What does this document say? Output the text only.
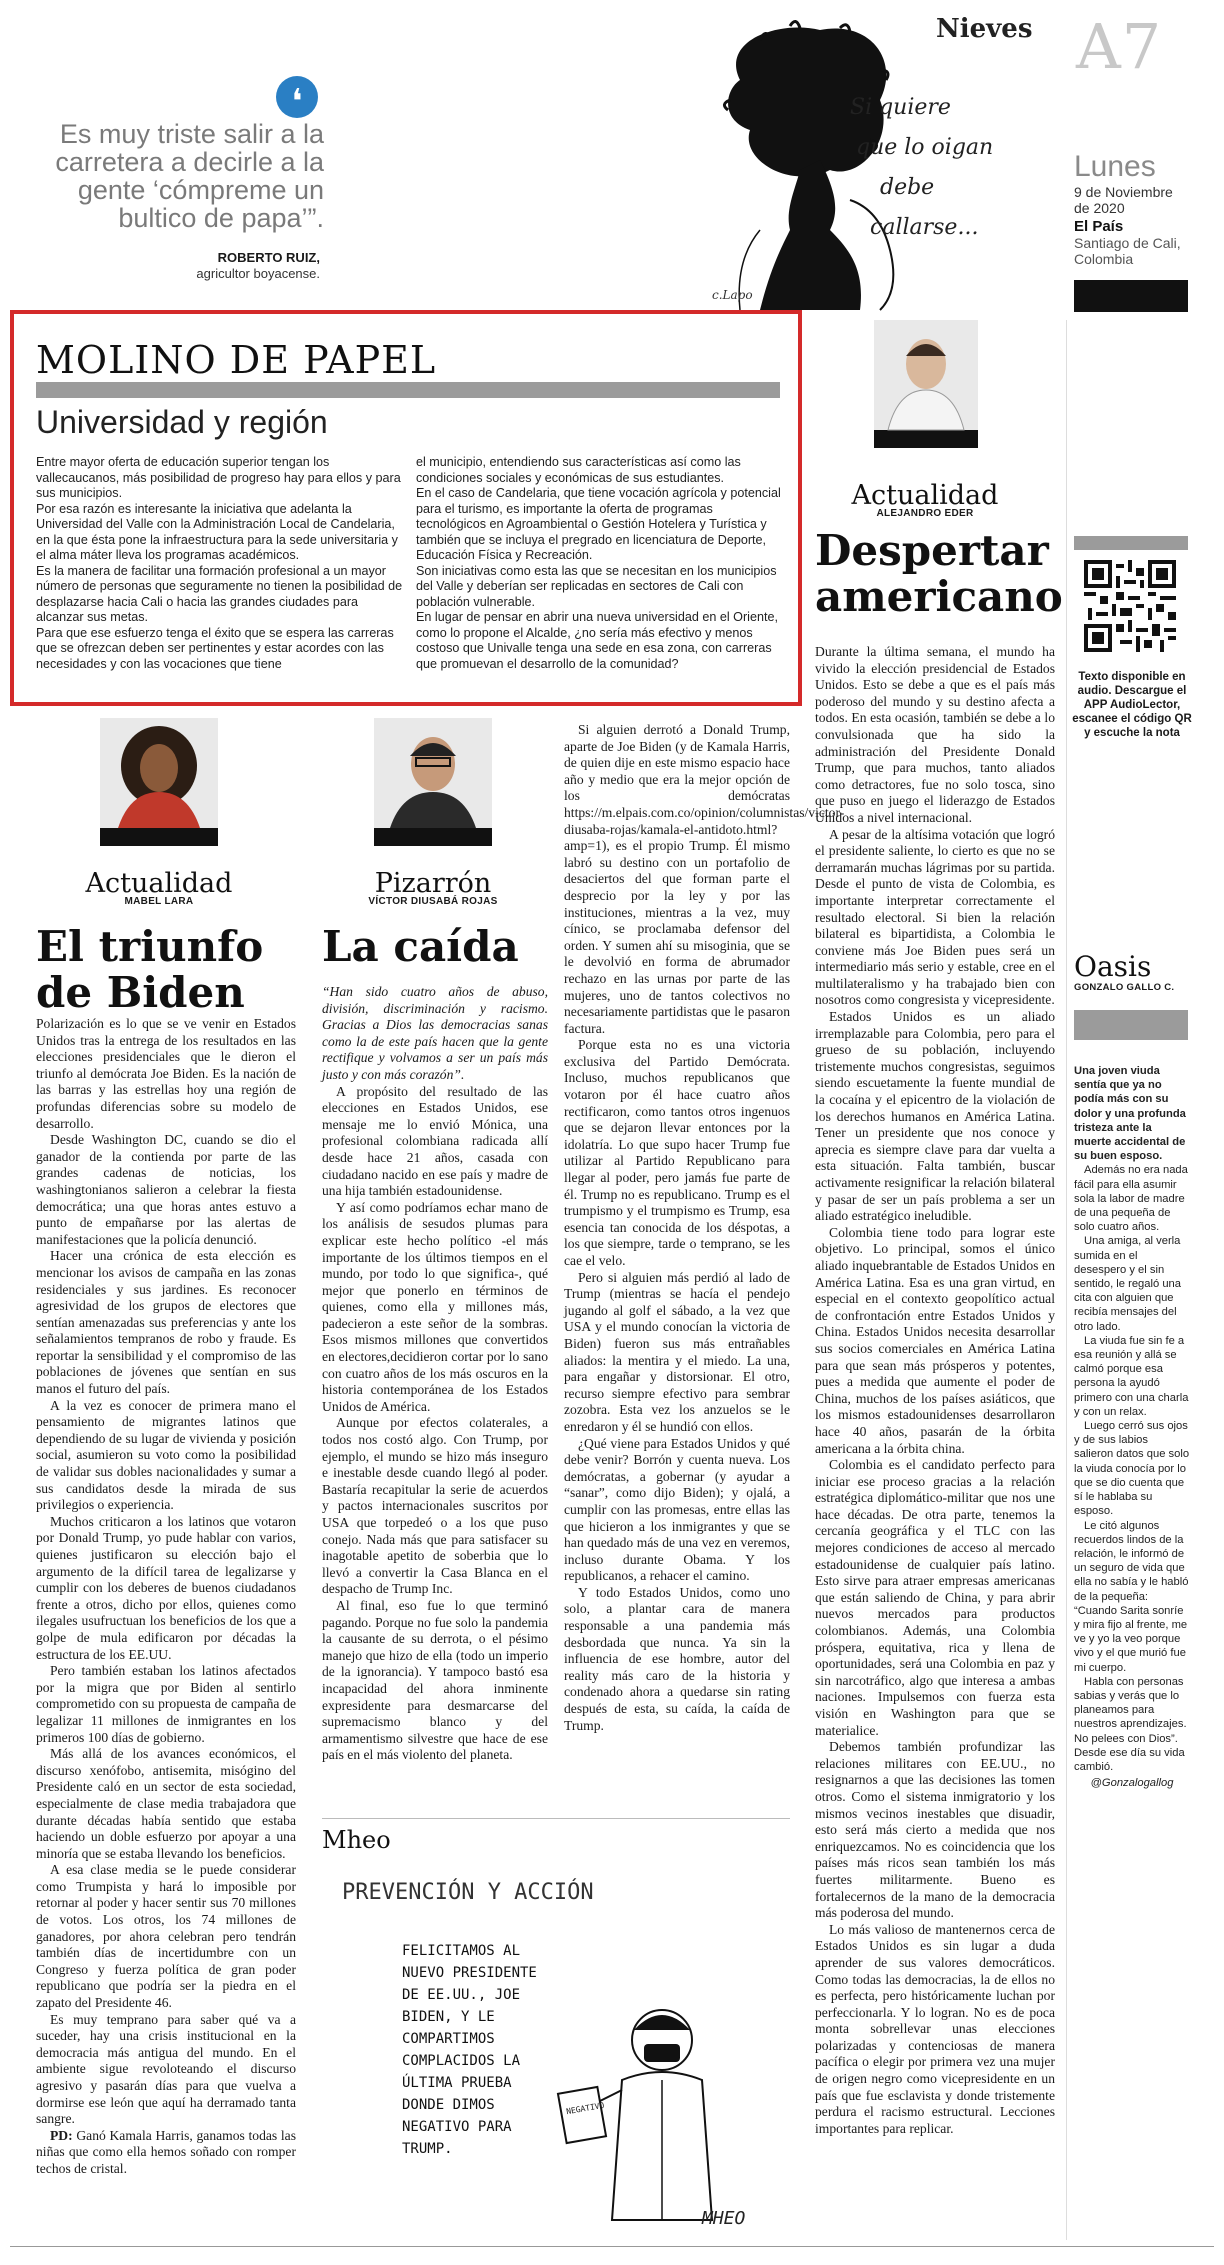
Nieves A7
Lunes
9 de Noviembre de 2020
El País
Santiago de Cali, Colombia
❛
Es muy triste salir a la carretera a decirle a la gente ‘cómpreme un bultico de papa’”.
ROBERTO RUIZ,
agricultor boyacense.
Si quiere
que lo oigan
debe
callarse...
c.Lapo
MOLINO DE PAPEL
Universidad y región

Entre mayor oferta de educación superior tengan los vallecaucanos, más posibilidad de progreso hay para ellos y para sus municipios.

Por esa razón es interesante la iniciativa que adelanta la Universidad del Valle con la Administración Local de Candelaria, en la que ésta pone la infraestructura para la sede universitaria y el alma máter lleva los programas académicos.

Es la manera de facilitar una formación profesional a un mayor número de personas que seguramente no tienen la posibilidad de desplazarse hacia Cali o hacia las grandes ciudades para alcanzar sus metas.

Para que ese esfuerzo tenga el éxito que se espera las carreras que se ofrezcan deben ser pertinentes y estar acordes con las necesidades y con las vocaciones que tiene

el municipio, entendiendo sus características así como las condiciones sociales y económicas de sus estudiantes.

En el caso de Candelaria, que tiene vocación agrícola y potencial para el turismo, es importante la oferta de programas tecnológicos en Agroambiental o Gestión Hotelera y Turística y también que se incluya el pregrado en licenciatura de Deporte, Educación Física y Recreación.

Son iniciativas como esta las que se necesitan en los municipios del Valle y deberían ser replicadas en sectores de Cali con población vulnerable.

En lugar de pensar en abrir una nueva universidad en el Oriente, como lo propone el Alcalde, ¿no sería más efectivo y menos costoso que Univalle tenga una sede en esa zona, con carreras que promuevan el desarrollo de la comunidad?

Actualidad
ALEJANDRO EDER
Despertar
americano

Durante la última semana, el mundo ha vivido la elección presidencial de Estados Unidos. Esto se debe a que es el país más poderoso del mundo y su destino afecta a todos. En esta ocasión, también se debe a lo convulsionada que ha sido la administración del Presidente Donald Trump, que para muchos, tanto aliados como detractores, fue no solo tosca, sino que puso en juego el liderazgo de Estados Unidos a nivel internacional.

A pesar de la altísima votación que logró el presidente saliente, lo cierto es que no se derramarán muchas lágrimas por su partida. Desde el punto de vista de Colombia, es importante interpretar correctamente el resultado electoral. Si bien la relación bilateral es bipartidista, a Colombia le conviene más Joe Biden pues será un intermediario más serio y estable, cree en el multilateralismo y ha trabajado bien con nosotros como congresista y vicepresidente.

Estados Unidos es un aliado irremplazable para Colombia, pero para el grueso de su población, incluyendo tristemente muchos congresistas, seguimos siendo escuetamente la fuente mundial de la cocaína y el epicentro de la violación de los derechos humanos en América Latina. Tener un presidente que nos conoce y aprecia es siempre clave para dar vuelta a esta situación. Falta también, buscar activamente resignificar la relación bilateral y pasar de ser un país problema a ser un aliado estratégico ineludible.

Colombia tiene todo para lograr este objetivo. Lo principal, somos el único aliado inquebrantable de Estados Unidos en América Latina. Esa es una gran virtud, en especial en el contexto geopolítico actual de confrontación entre Estados Unidos y China. Estados Unidos necesita desarrollar sus socios comerciales en América Latina para que sean más prósperos y potentes, pues a medida que aumente el poder de China, muchos de los países asiáticos, que los mismos estadounidenses desarrollaron hace 40 años, pasarán de la órbita americana a la órbita china.

Colombia es el candidato perfecto para iniciar ese proceso gracias a la relación estratégica diplomático-militar que nos une hace décadas. De otra parte, tenemos la cercanía geográfica y el TLC con las mejores condiciones de acceso al mercado estadounidense de cualquier país latino. Esto sirve para atraer empresas americanas que están saliendo de China, y para abrir nuevos mercados para productos colombianos. Además, una Colombia próspera, equitativa, rica y llena de oportunidades, será una Colombia en paz y sin narcotráfico, algo que interesa a ambas naciones. Impulsemos con fuerza esta visión en Washington para que se materialice.

Debemos también profundizar las relaciones militares con EE.UU., no resignarnos a que las decisiones las tomen otros. Como el sistema inmigratorio y los mismos vecinos inestables que disuadir, esto será más cierto a medida que nos enriquezcamos. No es coincidencia que los países más ricos sean también los más fuertes militarmente. Bueno es fortalecernos de la mano de la democracia más poderosa del mundo.

Lo más valioso de mantenernos cerca de Estados Unidos es sin lugar a duda aprender de sus valores democráticos. Como todas las democracias, la de ellos no es perfecta, pero históricamente luchan por perfeccionarla. Y lo logran. No es de poca monta sobrellevar unas elecciones polarizadas y contenciosas de manera pacífica o elegir por primera vez una mujer de origen negro como vicepresidente en un país que fue esclavista y donde tristemente perdura el racismo estructural. Lecciones importantes para replicar.

Texto disponible en audio. Descargue el APP AudioLector, escanee el código QR y escuche la nota
Oasis
GONZALO GALLO C.

Una joven viuda sentía que ya no podía más con su dolor y una profunda tristeza ante la muerte accidental de su buen esposo.

Además no era nada fácil para ella asumir sola la labor de madre de una pequeña de solo cuatro años.

Una amiga, al verla sumida en el desespero y el sin sentido, le regaló una cita con alguien que recibía mensajes del otro lado.

La viuda fue sin fe a esa reunión y allá se calmó porque esa persona la ayudó primero con una charla y con un relax.

Luego cerró sus ojos y de sus labios salieron datos que solo la viuda conocía por lo que se dio cuenta que sí le hablaba su esposo.

Le citó algunos recuerdos lindos de la relación, le informó de un seguro de vida que ella no sabía y le habló de la pequeña: “Cuando Sarita sonríe y mira fijo al frente, me ve y yo la veo porque vivo y el que murió fue mi cuerpo.

Habla con personas sabias y verás que lo planeamos para nuestros aprendizajes. No pelees con Dios”. Desde ese día su vida cambió.

@Gonzalogallog

Actualidad
MABEL LARA
El triunfo
de Biden

Polarización es lo que se ve venir en Estados Unidos tras la entrega de los resultados en las elecciones presidenciales que le dieron el triunfo al demócrata Joe Biden. Es la nación de las barras y las estrellas hoy una región de profundas diferencias sobre su modelo de desarrollo.

Desde Washington DC, cuando se dio el ganador de la contienda por parte de las grandes cadenas de noticias, los washingtonianos salieron a celebrar la fiesta democrática; una que horas antes estuvo a punto de empañarse por las alertas de manifestaciones que la policía denunció.

Hacer una crónica de esta elección es mencionar los avisos de campaña en las zonas residenciales y sus jardines. Es reconocer agresividad de los grupos de electores que sentían amenazadas sus preferencias y ante los señalamientos tempranos de robo y fraude. Es reportar la sensibilidad y el compromiso de las poblaciones de jóvenes que sentían en sus manos el futuro del país.

A la vez es conocer de primera mano el pensamiento de migrantes latinos que dependiendo de su lugar de vivienda y posición social, asumieron su voto como la posibilidad de validar sus dobles nacionalidades y sumar a sus candidatos desde la mirada de sus privilegios o experiencia.

Muchos criticaron a los latinos que votaron por Donald Trump, yo pude hablar con varios, quienes justificaron su elección bajo el argumento de la difícil tarea de legalizarse y cumplir con los deberes de buenos ciudadanos frente a otros, dicho por ellos, quienes como ilegales usufructuan los beneficios de los que a golpe de mula edificaron por décadas la estructura de los EE.UU.

Pero también estaban los latinos afectados por la migra que por Biden al sentirlo comprometido con su propuesta de campaña de legalizar 11 millones de inmigrantes en los primeros 100 días de gobierno.

Más allá de los avances económicos, el discurso xenófobo, antisemita, misógino del Presidente caló en un sector de esta sociedad, especialmente de clase media trabajadora que durante décadas había sentido que estaba haciendo un doble esfuerzo por apoyar a una minoría que se estaba llevando los beneficios.

A esa clase media se le puede considerar como Trumpista y hará lo imposible por retornar al poder y hacer sentir sus 70 millones de votos. Los otros, los 74 millones de ganadores, por ahora celebran pero tendrán también días de incertidumbre con un Congreso y fuerza política de gran poder republicano que podría ser la piedra en el zapato del Presidente 46.

Es muy temprano para saber qué va a suceder, hay una crisis institucional en la democracia más antigua del mundo. En el ambiente sigue revoloteando el discurso agresivo y pasarán días para que vuelva a dormirse ese león que aquí ha derramado tanta sangre.

PD: Ganó Kamala Harris, ganamos todas las niñas que como ella hemos soñado con romper techos de cristal.

Pizarrón
VÍCTOR DIUSABÁ ROJAS
La caída

“Han sido cuatro años de abuso, división, discriminación y racismo. Gracias a Dios las democracias sanas como la de este país hacen que la gente rectifique y volvamos a ser un país más justo y con más corazón”.

A propósito del resultado de las elecciones en Estados Unidos, ese mensaje me lo envió Mónica, una profesional colombiana radicada allí desde hace 21 años, casada con ciudadano nacido en ese país y madre de una hija también estadounidense.

Y así como podríamos echar mano de los análisis de sesudos plumas para explicar este hecho político -el más importante de los últimos tiempos en el mundo, por todo lo que significa-, qué mejor que ponerlo en términos de quienes, como ella y millones más, padecieron a este señor de la sombras. Esos mismos millones que convertidos en electores,decidieron cortar por lo sano con cuatro años de los más oscuros en la historia contemporánea de los Estados Unidos de América.

Aunque por efectos colaterales, a todos nos costó algo. Con Trump, por ejemplo, el mundo se hizo más inseguro e inestable desde cuando llegó al poder. Bastaría recapitular la serie de acuerdos y pactos internacionales suscritos por USA que torpedeó o a los que puso conejo. Nada más que para satisfacer su inagotable apetito de soberbia que lo llevó a convertir la Casa Blanca en el despacho de Trump Inc.

Al final, eso fue lo que terminó pagando. Porque no fue solo la pandemia la causante de su derrota, o el pésimo manejo que hizo de ella (todo un imperio de la ignorancia). Y tampoco bastó esa incapacidad del ahora inminente expresidente para desmarcarse del supremacismo blanco y del armamentismo silvestre que hace de ese país en el más violento del planeta.

Si alguien derrotó a Donald Trump, aparte de Joe Biden (y de Kamala Harris, de quien dije en este mismo espacio hace año y medio que era la mejor opción de los demócratas https://m.elpais.com.co/opinion/columnistas/victor-diusaba-rojas/kamala-el-antidoto.html?amp=1), es el propio Trump. Él mismo labró su destino con un portafolio de desaciertos del que forman parte el desprecio por la ley y por las instituciones, mientras a la vez, muy cínico, se proclamaba defensor del orden. Y sumen ahí su misoginia, que se le devolvió en forma de abrumador rechazo en las urnas por parte de las mujeres, uno de tantos colectivos no necesariamente partidistas que le pasaron factura.

Porque esta no es una victoria exclusiva del Partido Demócrata. Incluso, muchos republicanos que votaron por él hace cuatro años rectificaron, como tantos otros ingenuos que se dejaron llevar entonces por la idolatría. Lo que supo hacer Trump fue utilizar al Partido Republicano para llegar al poder, pero jamás fue parte de él. Trump no es republicano. Trump es el trumpismo y el trumpismo es Trump, esa esencia tan conocida de los déspotas, a los que siempre, tarde o temprano, se les cae el velo.

Pero si alguien más perdió al lado de Trump (mientras se hacía el pendejo jugando al golf el sábado, a la vez que USA y el mundo conocían la victoria de Biden) fueron sus más entrañables aliados: la mentira y el miedo. La una, para engañar y distorsionar. El otro, recurso siempre efectivo para sembrar zozobra. Esta vez los anzuelos se le enredaron y él se hundió con ellos.

¿Qué viene para Estados Unidos y qué debe venir? Borrón y cuenta nueva. Los demócratas, a gobernar (y ayudar a “sanar”, como dijo Biden); y ojalá, a cumplir con las promesas, entre ellas las que hicieron a los inmigrantes y que se han quedado más de una vez en veremos, incluso durante Obama. Y los republicanos, a rehacer el camino.

Y todo Estados Unidos, como uno solo, a plantar cara de manera responsable a una pandemia más desbordada que nunca. Ya sin la influencia de ese hombre, autor del reality más caro de la historia y condenado ahora a quedarse sin rating después de esta, su caída, la caída de Trump.

Mheo
PREVENCIÓN Y ACCIÓN
FELICITAMOS AL
NUEVO PRESIDENTE
DE EE.UU., JOE
BIDEN, Y LE
COMPARTIMOS
COMPLACIDOS LA
ÚLTIMA PRUEBA
DONDE DIMOS
NEGATIVO PARA
TRUMP.
NEGATIVO
MHEO
